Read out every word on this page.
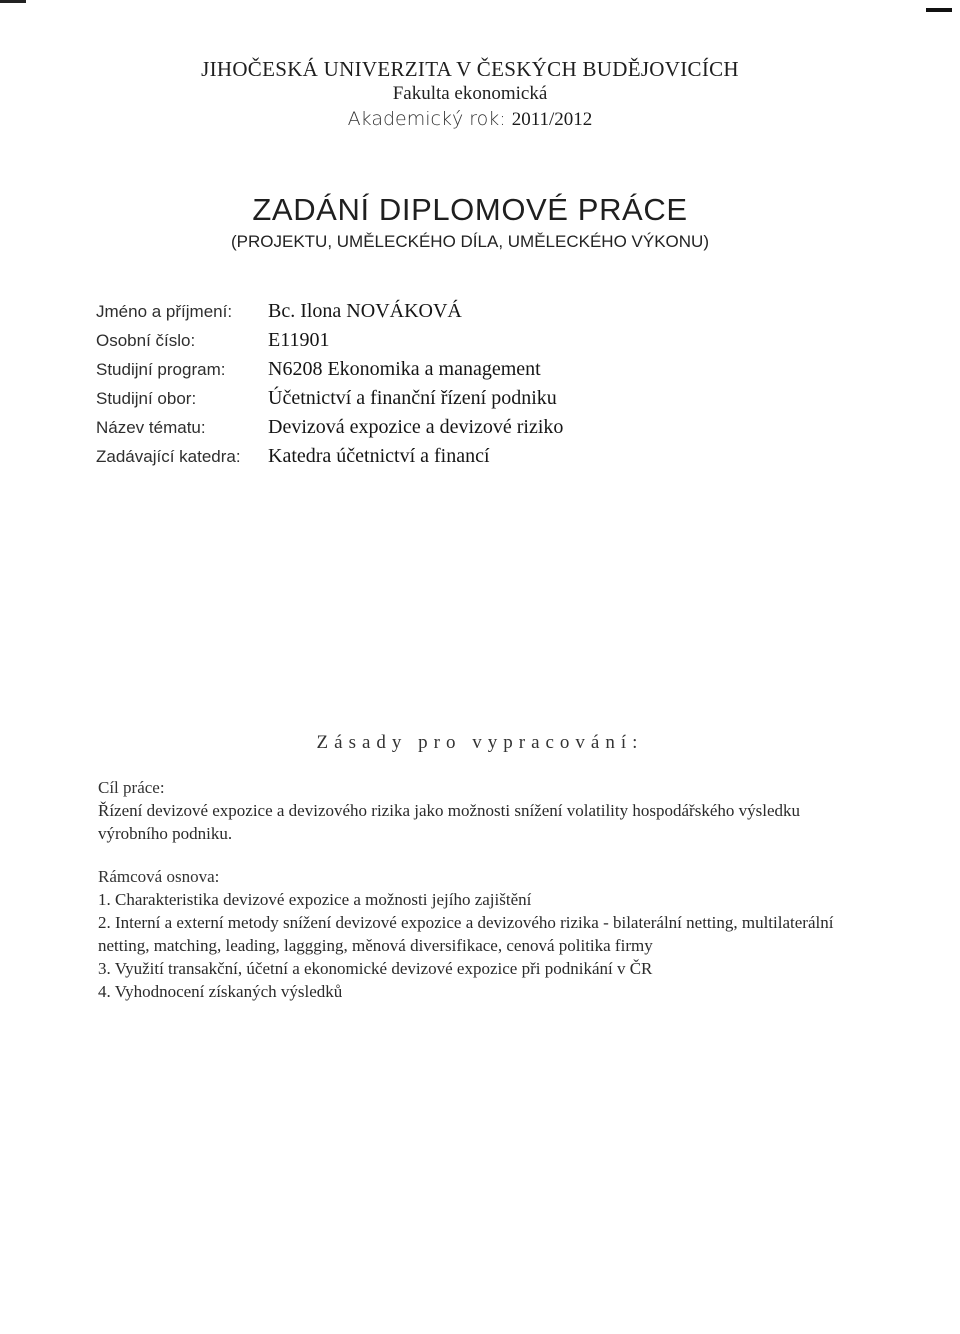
JIHOČESKÁ UNIVERZITA V ČESKÝCH BUDĚJOVICÍCH
Fakulta ekonomická
Akademický rok: 2011/2012
ZADÁNÍ DIPLOMOVÉ PRÁCE
(PROJEKTU, UMĚLECKÉHO DÍLA, UMĚLECKÉHO VÝKONU)
Jméno a příjmení:	Bc. Ilona NOVÁKOVÁ
Osobní číslo:	E11901
Studijní program:	N6208 Ekonomika a management
Studijní obor:	Účetnictví a finanční řízení podniku
Název tématu:	Devizová expozice a devizové riziko
Zadávající katedra:	Katedra účetnictví a financí
Zásady pro vypracování:
Cíl práce:
Řízení devizové expozice a devizového rizika jako možnosti snížení volatility hospodářského výsledku výrobního podniku.
Rámcová osnova:
1. Charakteristika devizové expozice a možnosti jejího zajištění
2. Interní a externí metody snížení devizové expozice a devizového rizika - bilaterální netting, multilaterální netting, matching, leading, laggging, měnová diversifikace, cenová politika firmy
3. Využití transakční, účetní a ekonomické devizové expozice při podnikání v ČR
4. Vyhodnocení získaných výsledků
